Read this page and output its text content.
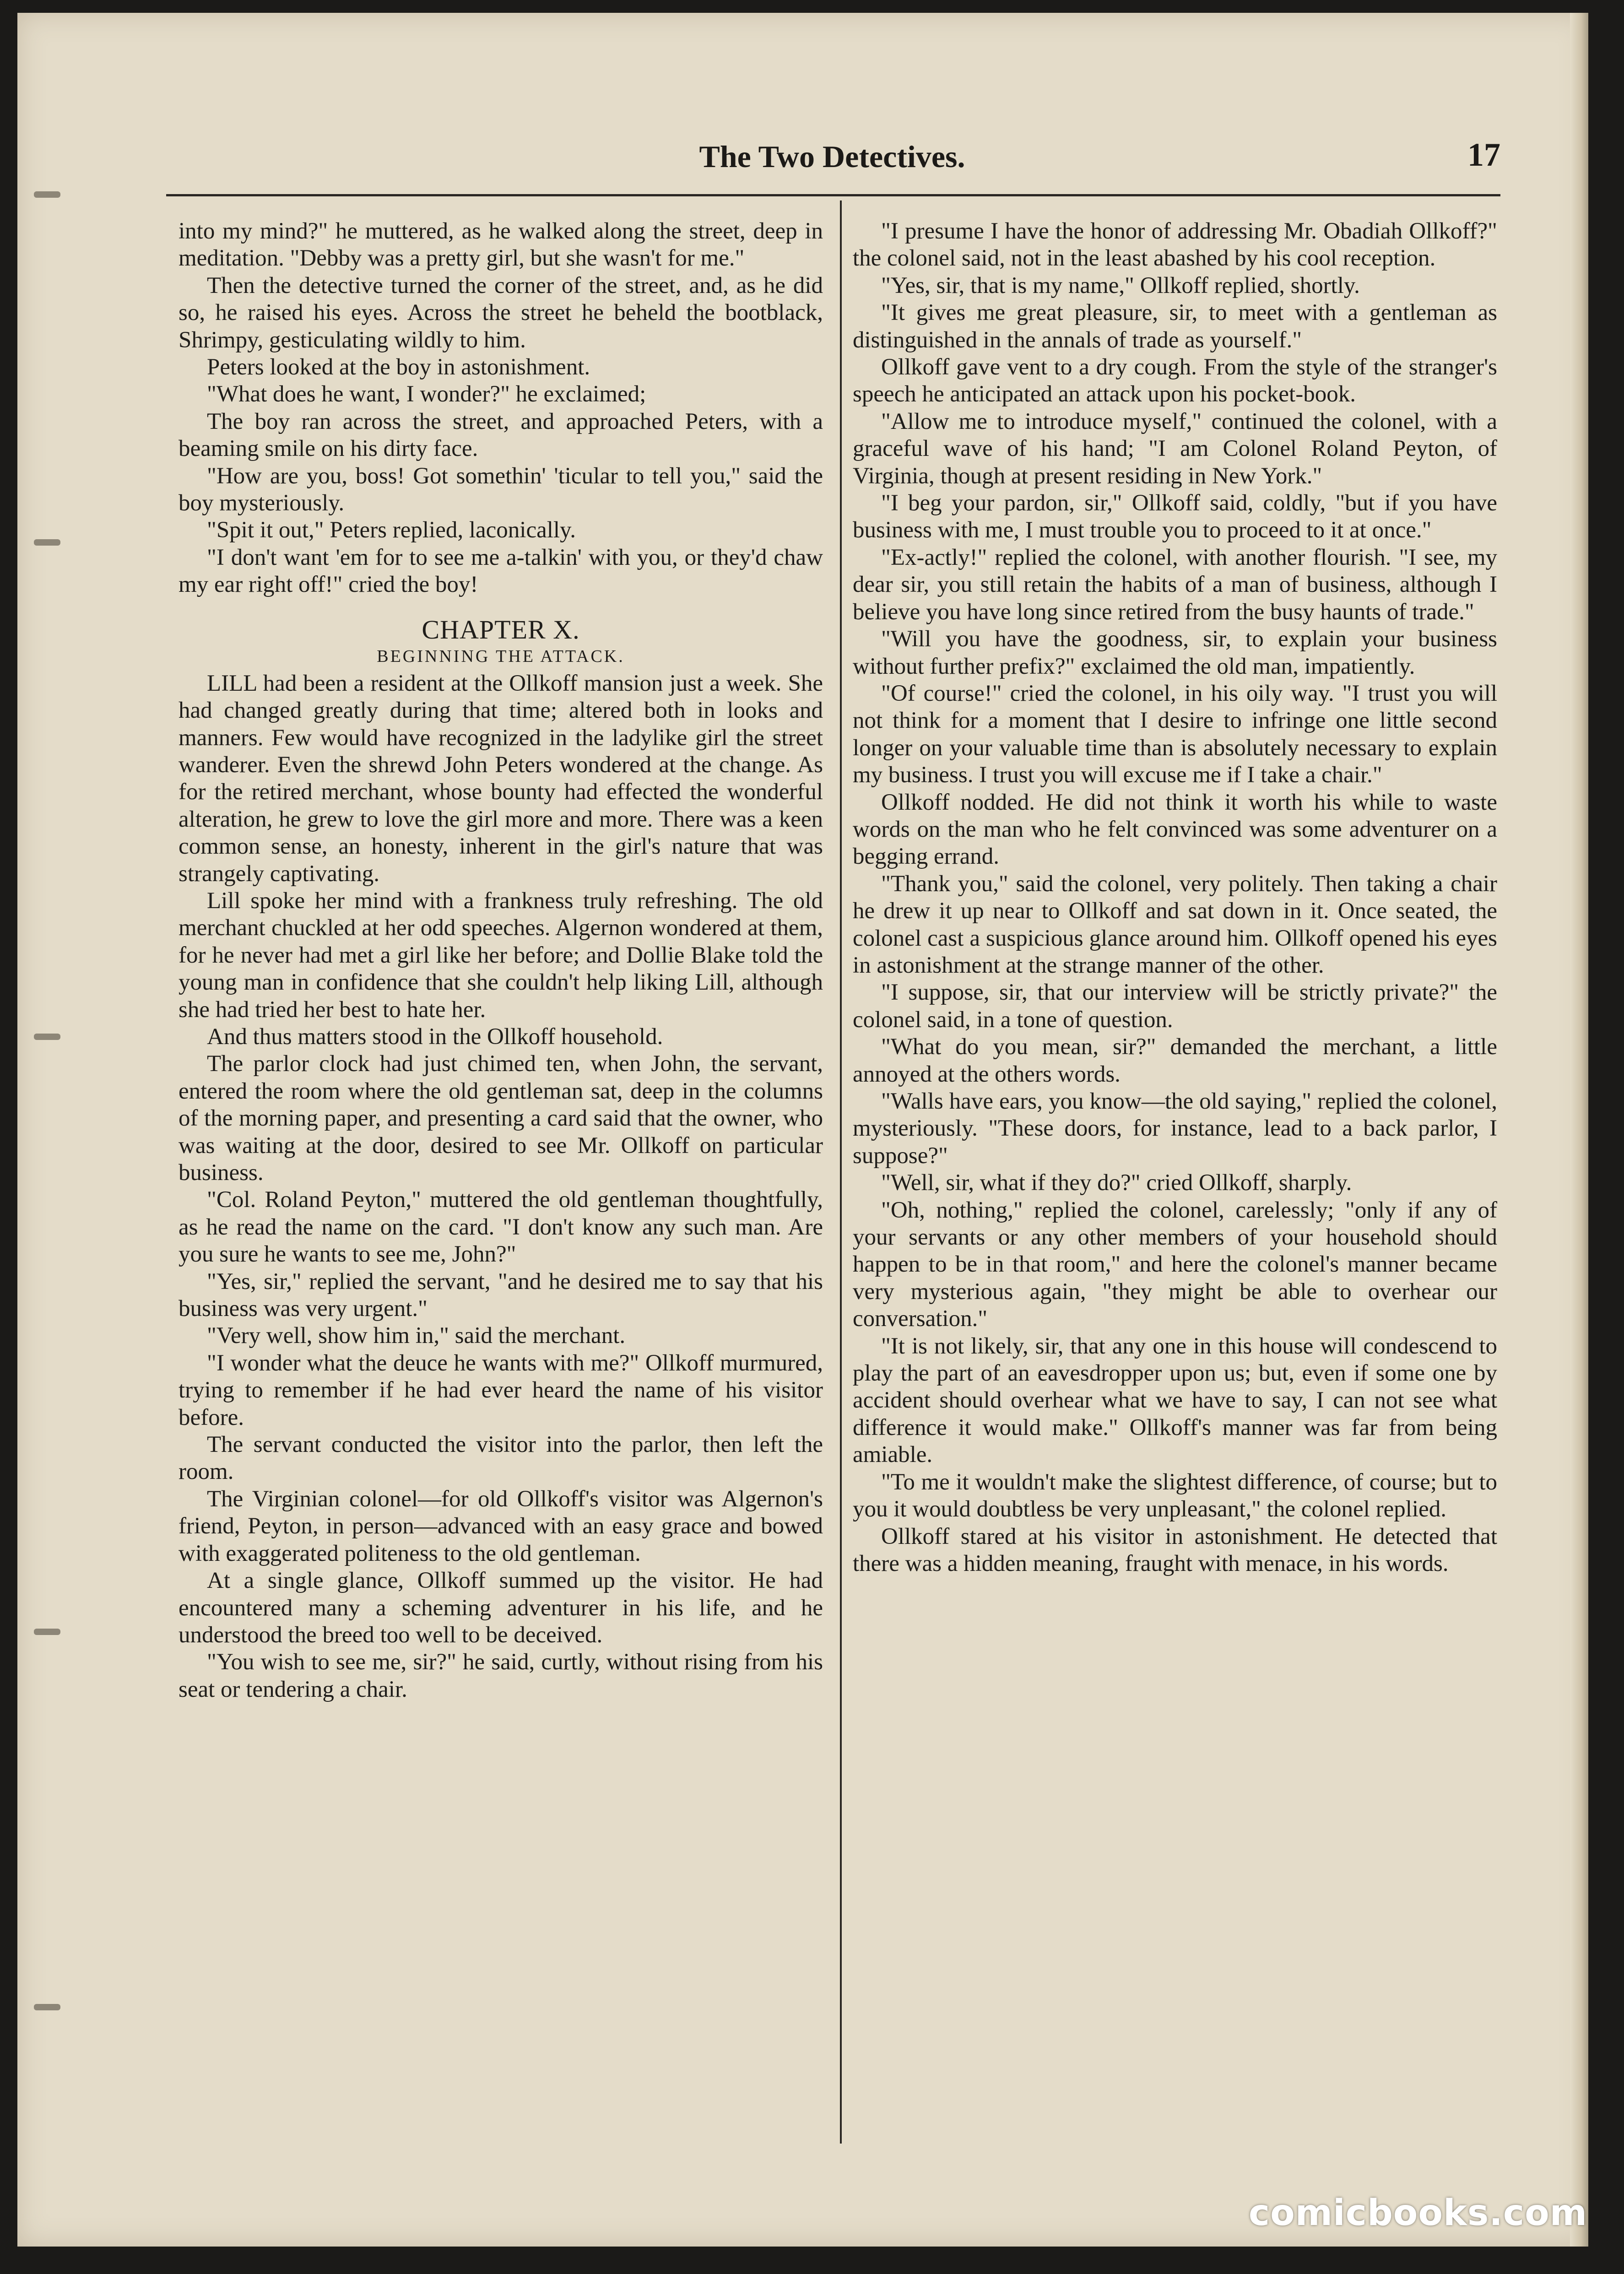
The Two Detectives.	17

into my mind?" he muttered, as he walked along the street, deep in meditation. "Debby was a pretty girl, but she wasn't for me."

Then the detective turned the corner of the street, and, as he did so, he raised his eyes. Across the street he beheld the bootblack, Shrimpy, gesticulating wildly to him.

Peters looked at the boy in astonishment.

"What does he want, I wonder?" he exclaimed;

The boy ran across the street, and approached Peters, with a beaming smile on his dirty face.

"How are you, boss! Got somethin' 'ticular to tell you," said the boy mysteriously.

"Spit it out," Peters replied, laconically.

"I don't want 'em for to see me a-talkin' with you, or they'd chaw my ear right off!" cried the boy!

CHAPTER X.
BEGINNING THE ATTACK.

LILL had been a resident at the Ollkoff mansion just a week. She had changed greatly during that time; altered both in looks and manners. Few would have recognized in the ladylike girl the street wanderer. Even the shrewd John Peters wondered at the change. As for the retired merchant, whose bounty had effected the wonderful alteration, he grew to love the girl more and more. There was a keen common sense, an honesty, inherent in the girl's nature that was strangely captivating.

Lill spoke her mind with a frankness truly refreshing. The old merchant chuckled at her odd speeches. Algernon wondered at them, for he never had met a girl like her before; and Dollie Blake told the young man in confidence that she couldn't help liking Lill, although she had tried her best to hate her.

And thus matters stood in the Ollkoff household.

The parlor clock had just chimed ten, when John, the servant, entered the room where the old gentleman sat, deep in the columns of the morning paper, and presenting a card said that the owner, who was waiting at the door, desired to see Mr. Ollkoff on particular business.

"Col. Roland Peyton," muttered the old gentleman thoughtfully, as he read the name on the card. "I don't know any such man. Are you sure he wants to see me, John?"

"Yes, sir," replied the servant, "and he desired me to say that his business was very urgent."

"Very well, show him in," said the merchant.

"I wonder what the deuce he wants with me?" Ollkoff murmured, trying to remember if he had ever heard the name of his visitor before.

The servant conducted the visitor into the parlor, then left the room.

The Virginian colonel—for old Ollkoff's visitor was Algernon's friend, Peyton, in person—advanced with an easy grace and bowed with exaggerated politeness to the old gentleman.

At a single glance, Ollkoff summed up the visitor. He had encountered many a scheming adventurer in his life, and he understood the breed too well to be deceived.

"You wish to see me, sir?" he said, curtly, without rising from his seat or tendering a chair.

"I presume I have the honor of addressing Mr. Obadiah Ollkoff?" the colonel said, not in the least abashed by his cool reception.

"Yes, sir, that is my name," Ollkoff replied, shortly.

"It gives me great pleasure, sir, to meet with a gentleman as distinguished in the annals of trade as yourself."

Ollkoff gave vent to a dry cough. From the style of the stranger's speech he anticipated an attack upon his pocket-book.

"Allow me to introduce myself," continued the colonel, with a graceful wave of his hand; "I am Colonel Roland Peyton, of Virginia, though at present residing in New York."

"I beg your pardon, sir," Ollkoff said, coldly, "but if you have business with me, I must trouble you to proceed to it at once."

"Ex-actly!" replied the colonel, with another flourish. "I see, my dear sir, you still retain the habits of a man of business, although I believe you have long since retired from the busy haunts of trade."

"Will you have the goodness, sir, to explain your business without further prefix?" exclaimed the old man, impatiently.

"Of course!" cried the colonel, in his oily way. "I trust you will not think for a moment that I desire to infringe one little second longer on your valuable time than is absolutely necessary to explain my business. I trust you will excuse me if I take a chair."

Ollkoff nodded. He did not think it worth his while to waste words on the man who he felt convinced was some adventurer on a begging errand.

"Thank you," said the colonel, very politely. Then taking a chair he drew it up near to Ollkoff and sat down in it. Once seated, the colonel cast a suspicious glance around him. Ollkoff opened his eyes in astonishment at the strange manner of the other.

"I suppose, sir, that our interview will be strictly private?" the colonel said, in a tone of question.

"What do you mean, sir?" demanded the merchant, a little annoyed at the others words.

"Walls have ears, you know—the old saying," replied the colonel, mysteriously. "These doors, for instance, lead to a back parlor, I suppose?"

"Well, sir, what if they do?" cried Ollkoff, sharply.

"Oh, nothing," replied the colonel, carelessly; "only if any of your servants or any other members of your household should happen to be in that room," and here the colonel's manner became very mysterious again, "they might be able to overhear our conversation."

"It is not likely, sir, that any one in this house will condescend to play the part of an eavesdropper upon us; but, even if some one by accident should overhear what we have to say, I can not see what difference it would make." Ollkoff's manner was far from being amiable.

"To me it wouldn't make the slightest difference, of course; but to you it would doubtless be very unpleasant," the colonel replied.

Ollkoff stared at his visitor in astonishment. He detected that there was a hidden meaning, fraught with menace, in his words.

comicbooks.com
